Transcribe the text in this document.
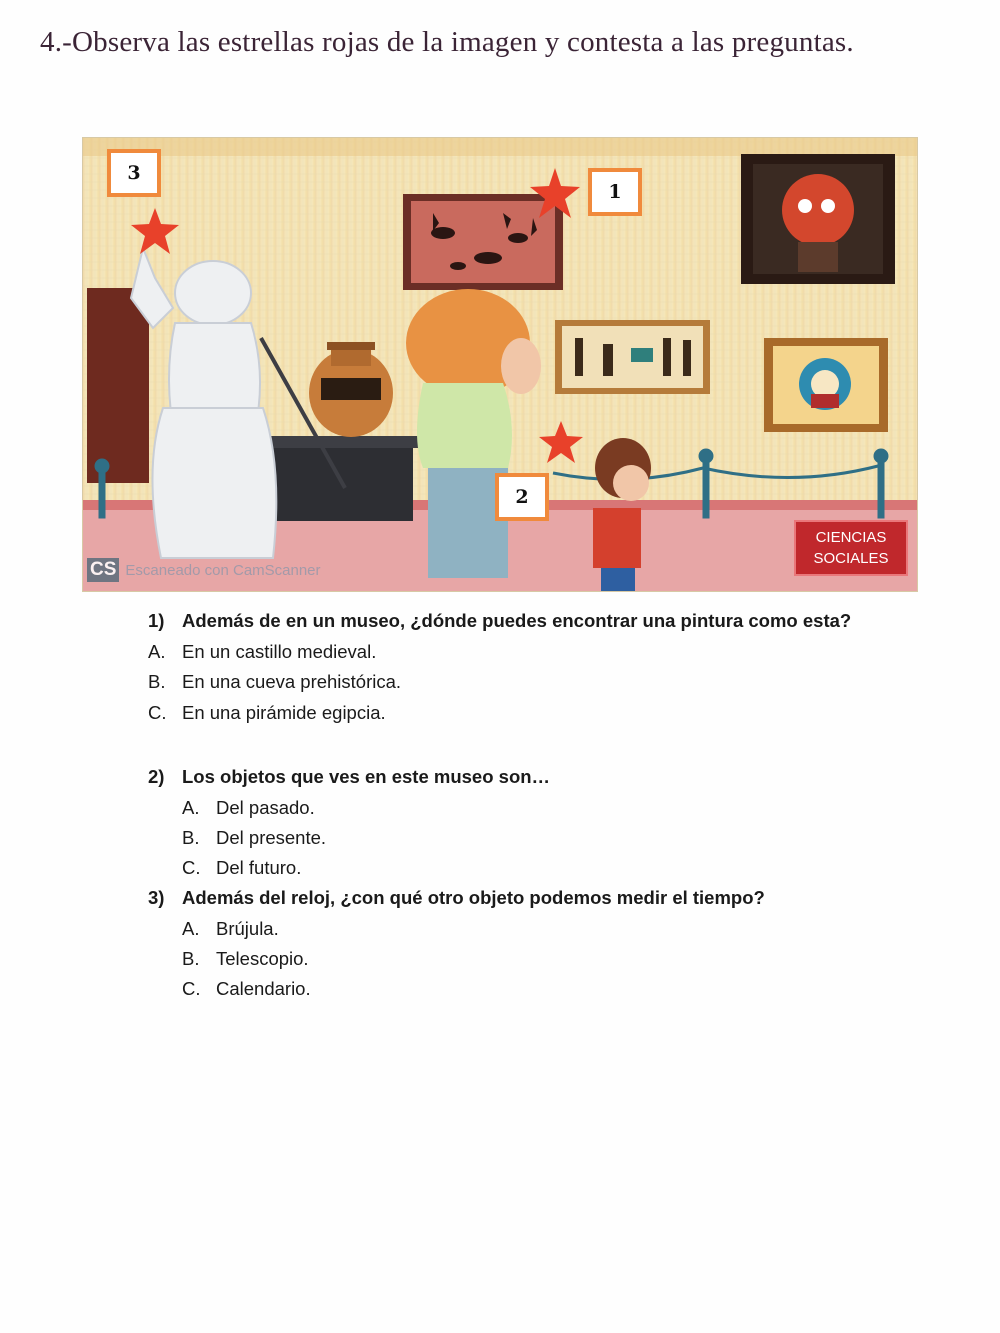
4.-Observa las estrellas rojas de la imagen y contesta a las preguntas.
3
1
2
CIENCIAS
SOCIALES
CS Escaneado con CamScanner

1) Además de en un museo, ¿dónde puedes encontrar una pintura como esta?

A. En un castillo medieval.
B. En una cueva prehistórica.
C. En una pirámide egipcia.

2) Los objetos que ves en este museo son…

A. Del pasado.
B. Del presente.
C. Del futuro.

3) Además del reloj, ¿con qué otro objeto podemos medir el tiempo?

A. Brújula.
B. Telescopio.
C. Calendario.
